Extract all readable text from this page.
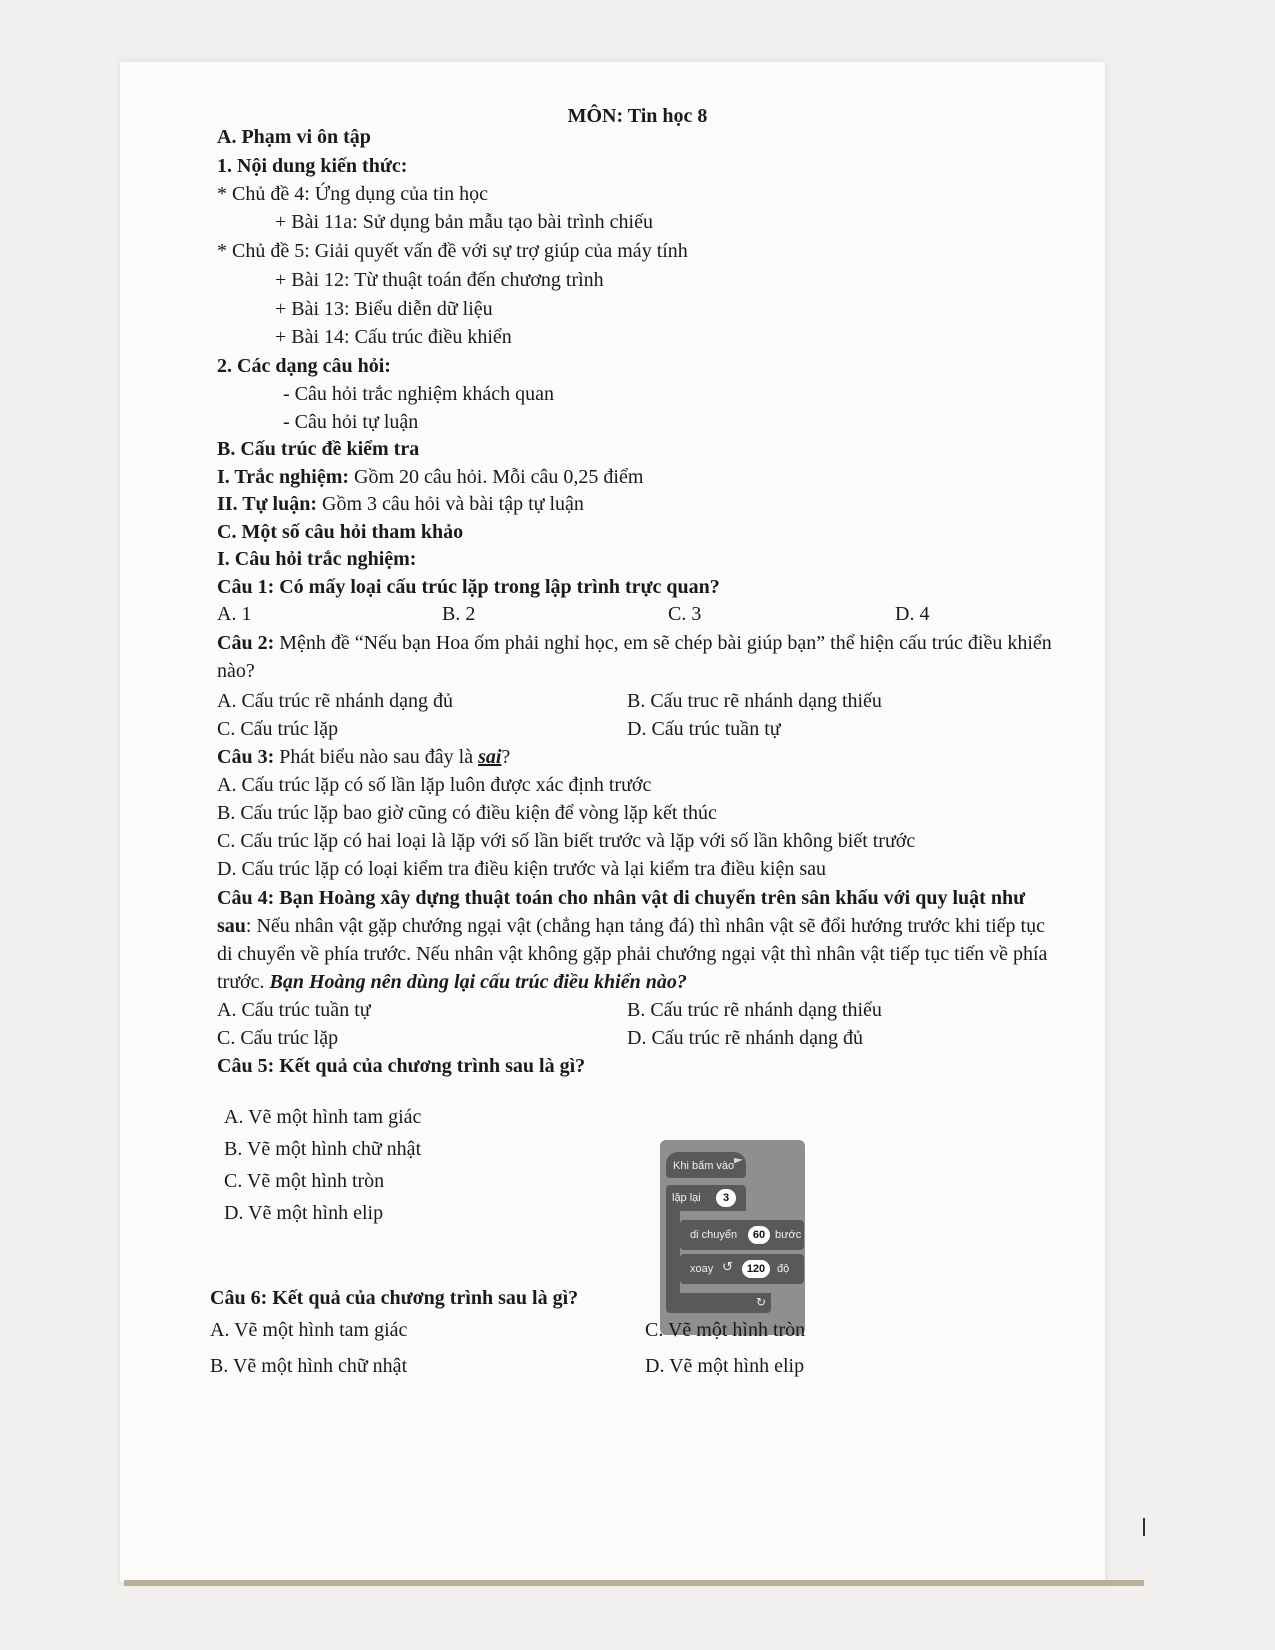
MÔN: Tin học 8
A. Phạm vi ôn tập
1. Nội dung kiến thức:
* Chủ đề 4: Ứng dụng của tin học
+ Bài 11a: Sử dụng bản mẫu tạo bài trình chiếu
* Chủ đề 5: Giải quyết vấn đề với sự trợ giúp của máy tính
+ Bài 12: Từ thuật toán đến chương trình
+ Bài 13: Biểu diễn dữ liệu
+ Bài 14: Cấu trúc điều khiển
2. Các dạng câu hỏi:
- Câu hỏi trắc nghiệm khách quan
- Câu hỏi tự luận
B. Cấu trúc đề kiểm tra
I. Trắc nghiệm: Gồm 20 câu hỏi. Mỗi câu 0,25 điểm
II. Tự luận: Gồm 3 câu hỏi và bài tập tự luận
C. Một số câu hỏi tham khảo
I. Câu hỏi trắc nghiệm:
Câu 1: Có mấy loại cấu trúc lặp trong lập trình trực quan?
A. 1	B. 2	C. 3	D. 4
Câu 2: Mệnh đề “Nếu bạn Hoa ốm phải nghỉ học, em sẽ chép bài giúp bạn” thể hiện cấu trúc điều khiển
nào?
A. Cấu trúc rẽ nhánh dạng đủ	B. Cấu truc rẽ nhánh dạng thiếu
C. Cấu trúc lặp	D. Cấu trúc tuần tự
Câu 3: Phát biểu nào sau đây là sai?
A. Cấu trúc lặp có số lần lặp luôn được xác định trước
B. Cấu trúc lặp bao giờ cũng có điều kiện để vòng lặp kết thúc
C. Cấu trúc lặp có hai loại là lặp với số lần biết trước và lặp với số lần không biết trước
D. Cấu trúc lặp có loại kiểm tra điều kiện trước và lại kiểm tra điều kiện sau
Câu 4: Bạn Hoàng xây dựng thuật toán cho nhân vật di chuyển trên sân khấu với quy luật như
sau: Nếu nhân vật gặp chướng ngại vật (chẳng hạn tảng đá) thì nhân vật sẽ đổi hướng trước khi tiếp tục
di chuyển về phía trước. Nếu nhân vật không gặp phải chướng ngại vật thì nhân vật tiếp tục tiến về phía
trước. Bạn Hoàng nên dùng lại cấu trúc điều khiển nào?
A. Cấu trúc tuần tự	B. Cấu trúc rẽ nhánh dạng thiếu
C. Cấu trúc lặp	D. Cấu trúc rẽ nhánh dạng đủ
Câu 5: Kết quả của chương trình sau là gì?
A. Vẽ một hình tam giác
B. Vẽ một hình chữ nhật
C. Vẽ một hình tròn
D. Vẽ một hình elip
Khi bấm vào
lặp lại	3
di chuyển	60 bước
xoay ↺	120	độ
↻
Câu 6: Kết quả của chương trình sau là gì?
A. Vẽ một hình tam giác	C. Vẽ một hình tròn
B. Vẽ một hình chữ nhật	D. Vẽ một hình elip
